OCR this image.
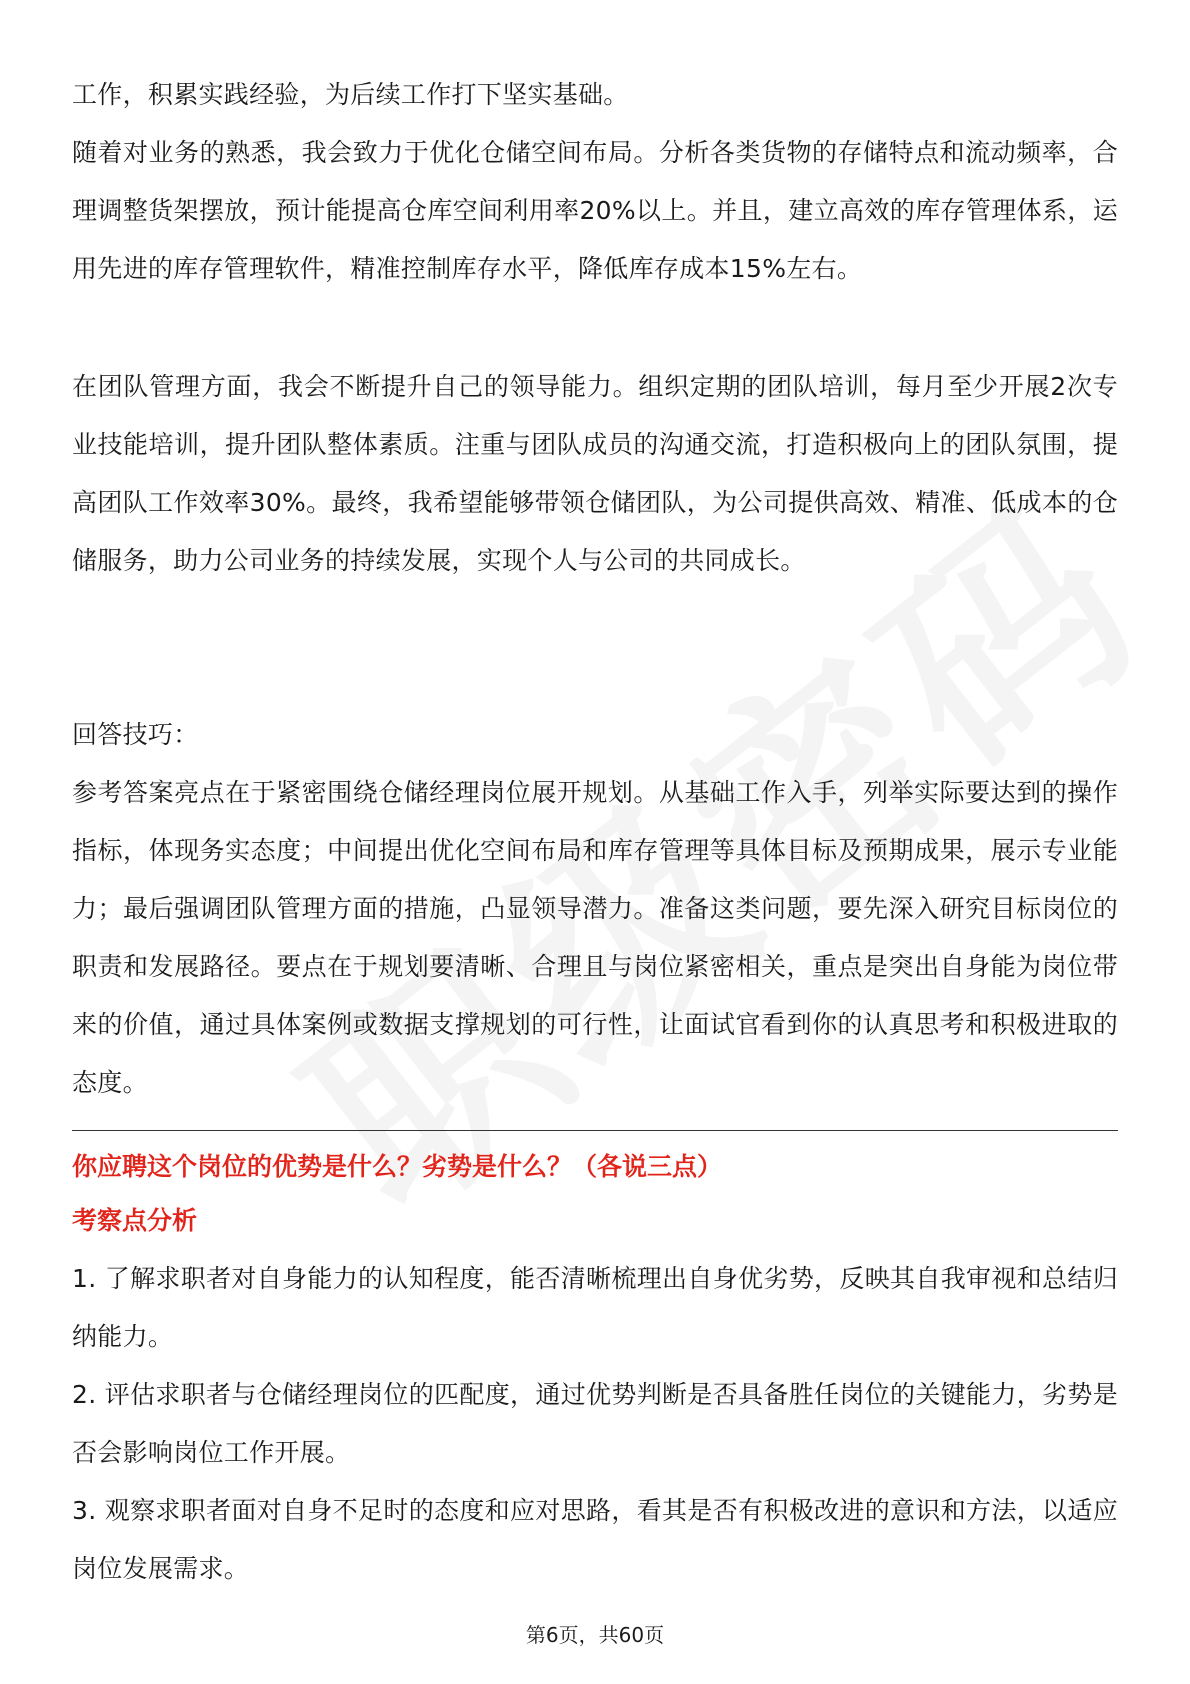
工作，积累实践经验，为后续工作打下坚实基础。

随着对业务的熟悉，我会致力于优化仓储空间布局。分析各类货物的存储特点和流动频率，合理调整货架摆放，预计能提高仓库空间利用率20%以上。并且，建立高效的库存管理体系，运用先进的库存管理软件，精准控制库存水平，降低库存成本15%左右。

在团队管理方面，我会不断提升自己的领导能力。组织定期的团队培训，每月至少开展2次专业技能培训，提升团队整体素质。注重与团队成员的沟通交流，打造积极向上的团队氛围，提高团队工作效率30%。最终，我希望能够带领仓储团队，为公司提供高效、精准、低成本的仓储服务，助力公司业务的持续发展，实现个人与公司的共同成长。

回答技巧：

参考答案亮点在于紧密围绕仓储经理岗位展开规划。从基础工作入手，列举实际要达到的操作指标，体现务实态度；中间提出优化空间布局和库存管理等具体目标及预期成果，展示专业能力；最后强调团队管理方面的措施，凸显领导潜力。准备这类问题，要先深入研究目标岗位的职责和发展路径。要点在于规划要清晰、合理且与岗位紧密相关，重点是突出自身能为岗位带来的价值，通过具体案例或数据支撑规划的可行性，让面试官看到你的认真思考和积极进取的态度。

你应聘这个岗位的优势是什么？劣势是什么？（各说三点）

考察点分析

1. 了解求职者对自身能力的认知程度，能否清晰梳理出自身优劣势，反映其自我审视和总结归纳能力。

2. 评估求职者与仓储经理岗位的匹配度，通过优势判断是否具备胜任岗位的关键能力，劣势是否会影响岗位工作开展。

3. 观察求职者面对自身不足时的态度和应对思路，看其是否有积极改进的意识和方法，以适应岗位发展需求。

第6页，共60页
